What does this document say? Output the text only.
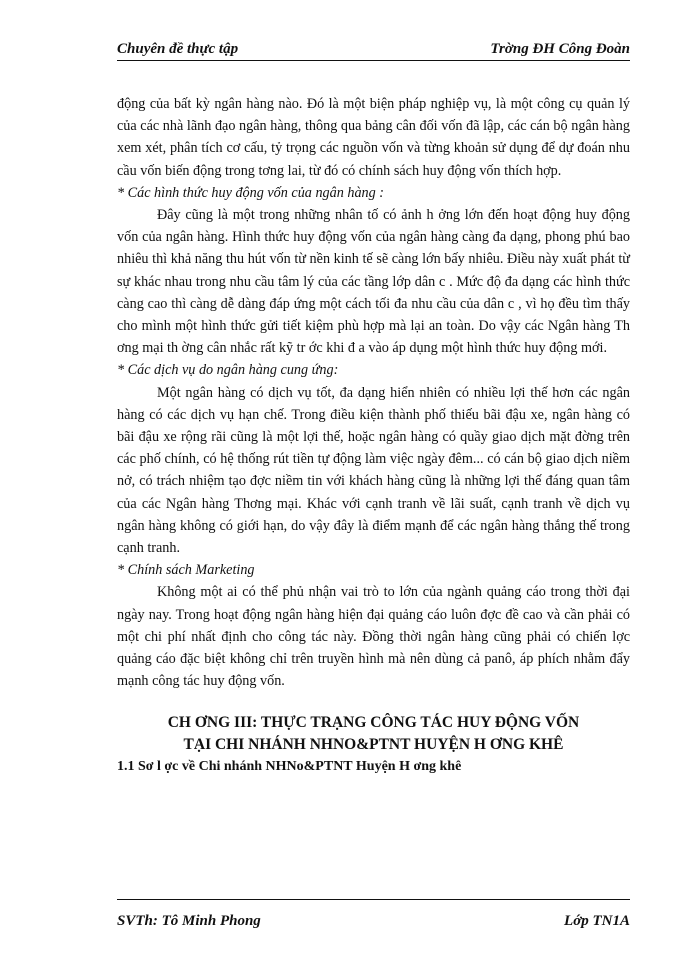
Chuyên đề thực tập	Trờng ĐH Công Đoàn

động của bất kỳ ngân hàng nào. Đó là một biện pháp nghiệp vụ, là một công cụ quản lý của các nhà lãnh đạo ngân hàng, thông qua bảng cân đối vốn đã lập, các cán bộ ngân hàng xem xét, phân tích cơ cấu, tỷ trọng các nguồn vốn và từng khoản sử dụng để dự đoán nhu cầu vốn biến động trong tơng lai, từ đó có chính sách huy động vốn thích hợp.

* Các hình thức huy động vốn của ngân hàng :

Đây cũng là một trong những nhân tố có ảnh h ởng lớn đến hoạt động huy động vốn của ngân hàng. Hình thức huy động vốn của ngân hàng càng đa dạng, phong phú bao nhiêu thì khả năng thu hút vốn từ nền kinh tế sẽ càng lớn bấy nhiêu. Điều này xuất phát từ sự khác nhau trong nhu cầu tâm lý của các tầng lớp dân c . Mức độ đa dạng các hình thức càng cao thì càng dễ dàng đáp ứng một cách tối đa nhu cầu của dân c , vì họ đều tìm thấy cho mình một hình thức gửi tiết kiệm phù hợp mà lại an toàn. Do vậy các Ngân hàng Th ơng mại th ờng cân nhắc rất kỹ tr ớc khi đ a vào áp dụng một hình thức huy động mới.

* Các dịch vụ do ngân hàng cung ứng:

Một ngân hàng có dịch vụ tốt, đa dạng hiển nhiên có nhiều lợi thế hơn các ngân hàng có các dịch vụ hạn chế. Trong điều kiện thành phố thiếu bãi đậu xe, ngân hàng có bãi đậu xe rộng rãi cũng là một lợi thế, hoặc ngân hàng có quầy giao dịch mặt đờng trên các phố chính, có hệ thống rút tiền tự động làm việc ngày đêm... có cán bộ giao dịch niềm nở, có trách nhiệm tạo đợc niềm tin với khách hàng cũng là những lợi thế đáng quan tâm của các Ngân hàng Thơng mại. Khác với cạnh tranh về lãi suất, cạnh tranh về dịch vụ ngân hàng không có giới hạn, do vậy đây là điểm mạnh để các ngân hàng thắng thế trong cạnh tranh.

* Chính sách Marketing

Không một ai có thể phủ nhận vai trò to lớn của ngành quảng cáo trong thời đại ngày nay. Trong hoạt động ngân hàng hiện đại quảng cáo luôn đợc đề cao và cần phải có một chi phí nhất định cho công tác này. Đồng thời ngân hàng cũng phải có chiến lợc quảng cáo đặc biệt không chỉ trên truyền hình mà nên dùng cả panô, áp phích nhằm đẩy mạnh công tác huy động vốn.

CH ƠNG III: THỰC TRẠNG CÔNG TÁC HUY ĐỘNG VỐN
TẠI CHI NHÁNH NHNO&PTNT HUYỆN H ƠNG KHÊ

1.1 Sơ l ợc về Chi nhánh NHNo&PTNT Huyện H ơng khê

SVTh: Tô Minh Phong	Lớp TN1A
